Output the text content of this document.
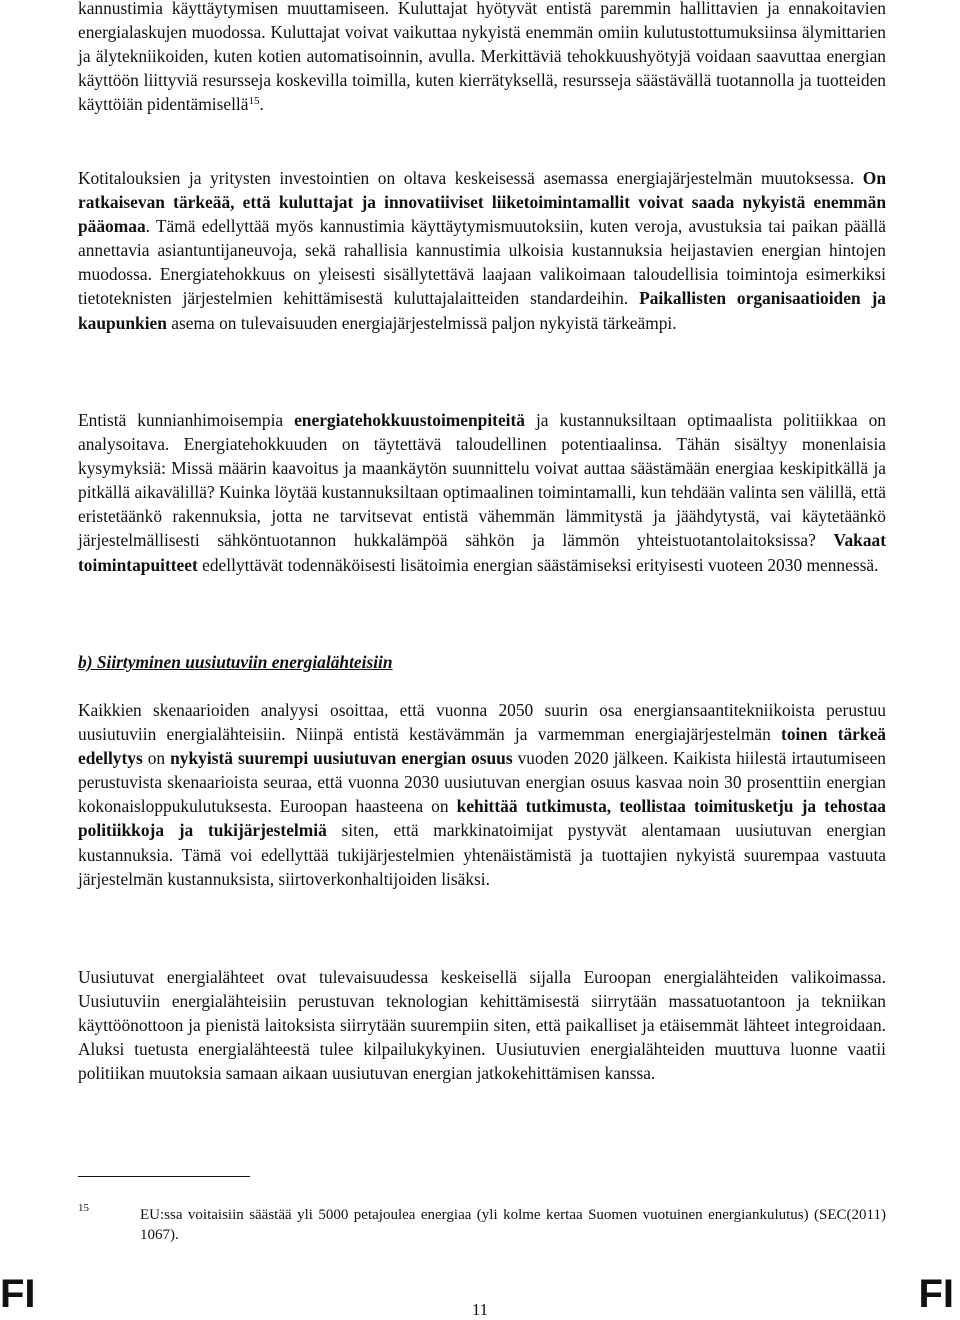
kannustimia käyttäytymisen muuttamiseen. Kuluttajat hyötyvät entistä paremmin hallittavien ja ennakoitavien energialaskujen muodossa. Kuluttajat voivat vaikuttaa nykyistä enemmän omiin kulutustottumuksiinsa älymittarien ja älytekniikoiden, kuten kotien automatisoinnin, avulla. Merkittäviä tehokkuushyötyjä voidaan saavuttaa energian käyttöön liittyviä resursseja koskevilla toimilla, kuten kierrätyksellä, resursseja säästävällä tuotannolla ja tuotteiden käyttöiän pidentämisellä$^{15}$.

Kotitalouksien ja yritysten investointien on oltava keskeisessä asemassa energiajärjestelmän muutoksessa. On ratkaisevan tärkeää, että kuluttajat ja innovatiiviset liiketoimintamallit voivat saada nykyistä enemmän pääomaa. Tämä edellyttää myös kannustimia käyttäytymismuutoksiin, kuten veroja, avustuksia tai paikan päällä annettavia asiantuntijaneuvoja, sekä rahallisia kannustimia ulkoisia kustannuksia heijastavien energian hintojen muodossa. Energiatehokkuus on yleisesti sisällytettävä laajaan valikoimaan taloudellisia toimintoja esimerkiksi tietoteknisten järjestelmien kehittämisestä kuluttajalaitteiden standardeihin. Paikallisten organisaatioiden ja kaupunkien asema on tulevaisuuden energiajärjestelmissä paljon nykyistä tärkeämpi.

Entistä kunnianhimoisempia energiatehokkuustoimenpiteitä ja kustannuksiltaan optimaalista politiikkaa on analysoitava. Energiatehokkuuden on täytettävä taloudellinen potentiaalinsa. Tähän sisältyy monenlaisia kysymyksiä: Missä määrin kaavoitus ja maankäytön suunnittelu voivat auttaa säästämään energiaa keskipitkällä ja pitkällä aikavälillä? Kuinka löytää kustannuksiltaan optimaalinen toimintamalli, kun tehdään valinta sen välillä, että eristetäänkö rakennuksia, jotta ne tarvitsevat entistä vähemmän lämmitystä ja jäähdytystä, vai käytetäänkö järjestelmällisesti sähköntuotannon hukkalämpöä sähkön ja lämmön yhteistuotantolaitoksissa? Vakaat toimintapuitteet edellyttävät todennäköisesti lisätoimia energian säästämiseksi erityisesti vuoteen 2030 mennessä.

b) Siirtyminen uusiutuviin energialähteisiin

Kaikkien skenaarioiden analyysi osoittaa, että vuonna 2050 suurin osa energiansaantitekniikoista perustuu uusiutuviin energialähteisiin. Niinpä entistä kestävämmän ja varmemman energiajärjestelmän toinen tärkeä edellytys on nykyistä suurempi uusiutuvan energian osuus vuoden 2020 jälkeen. Kaikista hiilestä irtautumiseen perustuvista skenaarioista seuraa, että vuonna 2030 uusiutuvan energian osuus kasvaa noin 30 prosenttiin energian kokonaisloppukulutuksesta. Euroopan haasteena on kehittää tutkimusta, teollistaa toimitusketju ja tehostaa politiikkoja ja tukijärjestelmiä siten, että markkinatoimijat pystyvät alentamaan uusiutuvan energian kustannuksia. Tämä voi edellyttää tukijärjestelmien yhtenäistämistä ja tuottajien nykyistä suurempaa vastuuta järjestelmän kustannuksista, siirtoverkonhaltijoiden lisäksi.

Uusiutuvat energialähteet ovat tulevaisuudessa keskeisellä sijalla Euroopan energialähteiden valikoimassa. Uusiutuviin energialähteisiin perustuvan teknologian kehittämisestä siirrytään massatuotantoon ja tekniikan käyttöönottoon ja pienistä laitoksista siirrytään suurempiin siten, että paikalliset ja etäisemmät lähteet integroidaan. Aluksi tuetusta energialähteestä tulee kilpailukykyinen. Uusiutuvien energialähteiden muuttuva luonne vaatii politiikan muutoksia samaan aikaan uusiutuvan energian jatkokehittämisen kanssa.

15	EU:ssa voitaisiin säästää yli 5000 petajoulea energiaa (yli kolme kertaa Suomen vuotuinen energiankulutus) (SEC(2011) 1067).
FI	11	FI
